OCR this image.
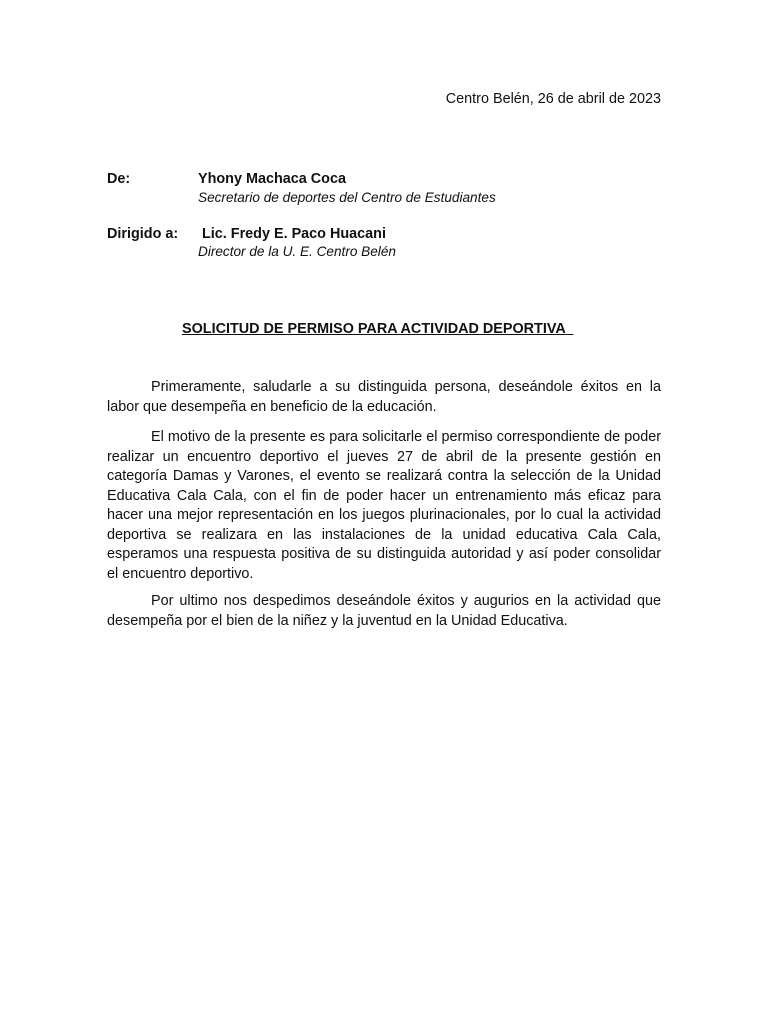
Centro Belén, 26 de abril de 2023
De:	Yhony Machaca Coca
Secretario de deportes del Centro de Estudiantes
Dirigido a: Lic. Fredy E. Paco Huacani
Director de la U. E. Centro Belén
SOLICITUD DE PERMISO PARA ACTIVIDAD DEPORTIVA

Primeramente, saludarle a su distinguida persona, deseándole éxitos en la labor que desempeña en beneficio de la educación.

El motivo de la presente es para solicitarle el permiso correspondiente de poder realizar un encuentro deportivo el jueves 27 de abril de la presente gestión en categoría Damas y Varones, el evento se realizará contra la selección de la Unidad Educativa Cala Cala, con el fin de poder hacer un entrenamiento más eficaz para hacer una mejor representación en los juegos plurinacionales, por lo cual la actividad deportiva se realizara en las instalaciones de la unidad educativa Cala Cala, esperamos una respuesta positiva de su distinguida autoridad y así poder consolidar el encuentro deportivo.

Por ultimo nos despedimos deseándole éxitos y augurios en la actividad que desempeña por el bien de la niñez y la juventud en la Unidad Educativa.
